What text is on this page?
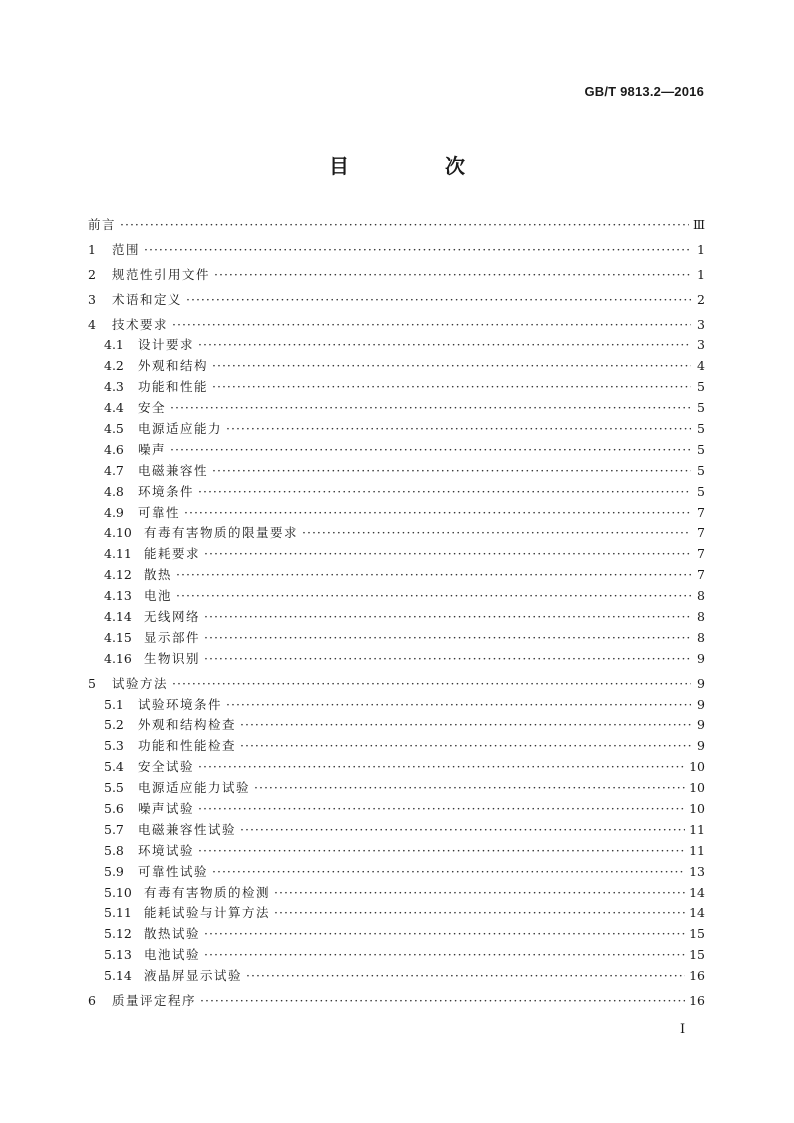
GB/T 9813.2—2016
目　次
前言 ·····	Ⅲ
1	范围 ·····	1
2	规范性引用文件 ·····	1
3	术语和定义 ·····	2
4	技术要求 ·····	3
4.1	设计要求 ·····	3
4.2	外观和结构 ·····	4
4.3	功能和性能 ·····	5
4.4	安全 ·····	5
4.5	电源适应能力 ·····	5
4.6	噪声 ·····	5
4.7	电磁兼容性 ·····	5
4.8	环境条件 ·····	5
4.9	可靠性 ·····	7
4.10 有毒有害物质的限量要求 ·····	7
4.11 能耗要求 ·····	7
4.12 散热 ·····	7
4.13 电池 ·····	8
4.14 无线网络 ·····	8
4.15 显示部件 ·····	8
4.16 生物识别 ·····	9
5	试验方法 ·····	9
5.1	试验环境条件 ·····	9
5.2	外观和结构检查 ·····	9
5.3	功能和性能检查 ·····	9
5.4	安全试验 ·····	10
5.5	电源适应能力试验 ·····	10
5.6	噪声试验 ·····	10
5.7	电磁兼容性试验 ·····	11
5.8	环境试验 ·····	11
5.9	可靠性试验 ·····	13
5.10 有毒有害物质的检测 ·····	14
5.11 能耗试验与计算方法 ·····	14
5.12 散热试验 ·····	15
5.13 电池试验 ·····	15
5.14 液晶屏显示试验 ·····	16
6	质量评定程序 ·····	16
I
